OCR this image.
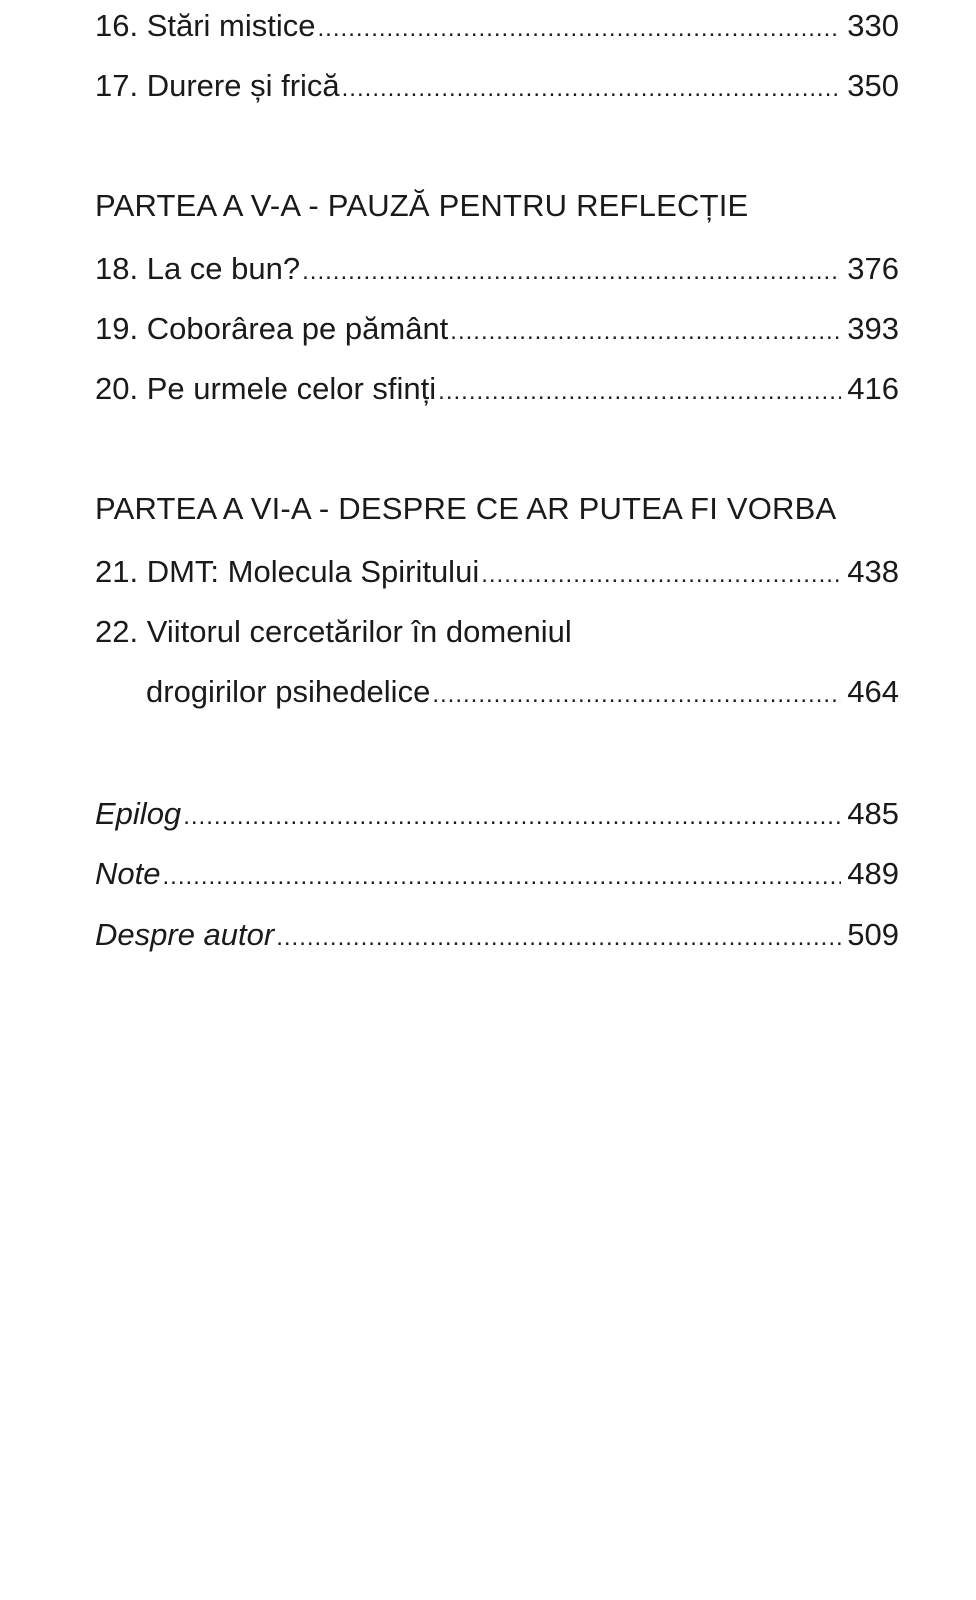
16. Stări mistice .....	330
17. Durere și frică .....	350
PARTEA A V-A - PAUZĂ PENTRU REFLECȚIE
18. La ce bun? .....	376
19. Coborârea pe pământ .....	393
20. Pe urmele celor sfinți .....	416
PARTEA A VI-A - DESPRE CE AR PUTEA FI VORBA
21. DMT: Molecula Spiritului .....	438
22. Viitorul cercetărilor în domeniul
drogirilor psihedelice .....	464
Epilog .....	485
Note .....	489
Despre autor .....	509
